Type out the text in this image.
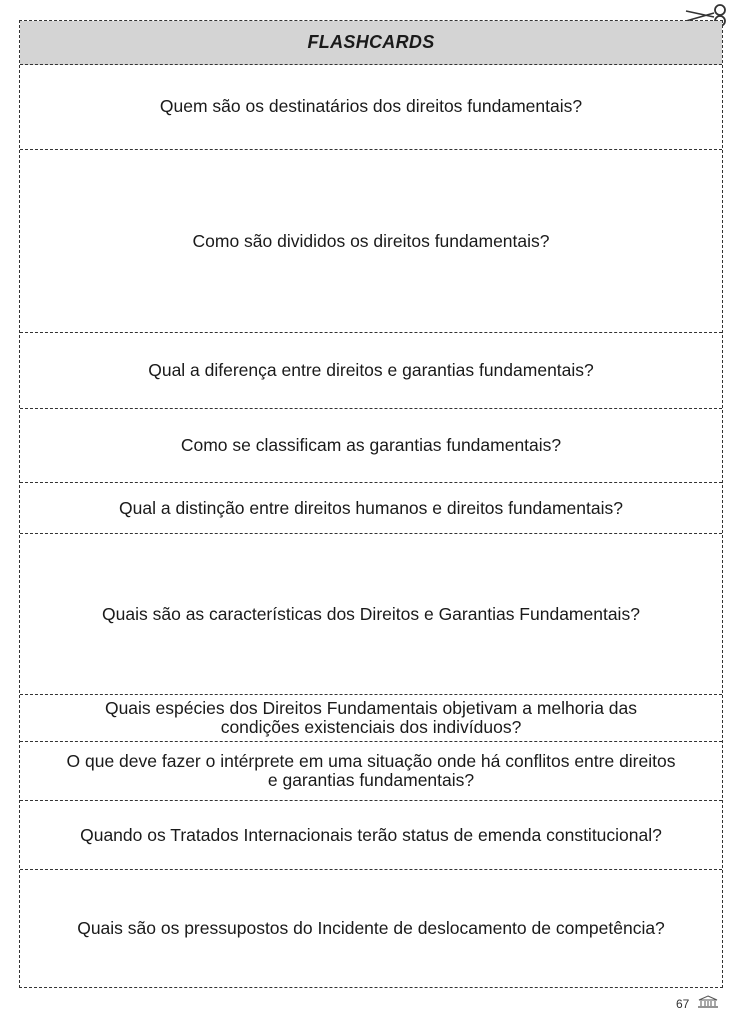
FLASHCARDS
Quem são os destinatários dos direitos fundamentais?
Como são divididos os direitos fundamentais?
Qual a diferença entre direitos e garantias fundamentais?
Como se classificam as garantias fundamentais?
Qual a distinção entre direitos humanos e direitos fundamentais?
Quais são as características dos Direitos e Garantias Fundamentais?
Quais espécies dos Direitos Fundamentais objetivam a melhoria das condições existenciais dos indivíduos?
O que deve fazer o intérprete em uma situação onde há conflitos entre direitos e garantias fundamentais?
Quando os Tratados Internacionais terão status de emenda constitucional?
Quais são os pressupostos do Incidente de deslocamento de competência?
67
